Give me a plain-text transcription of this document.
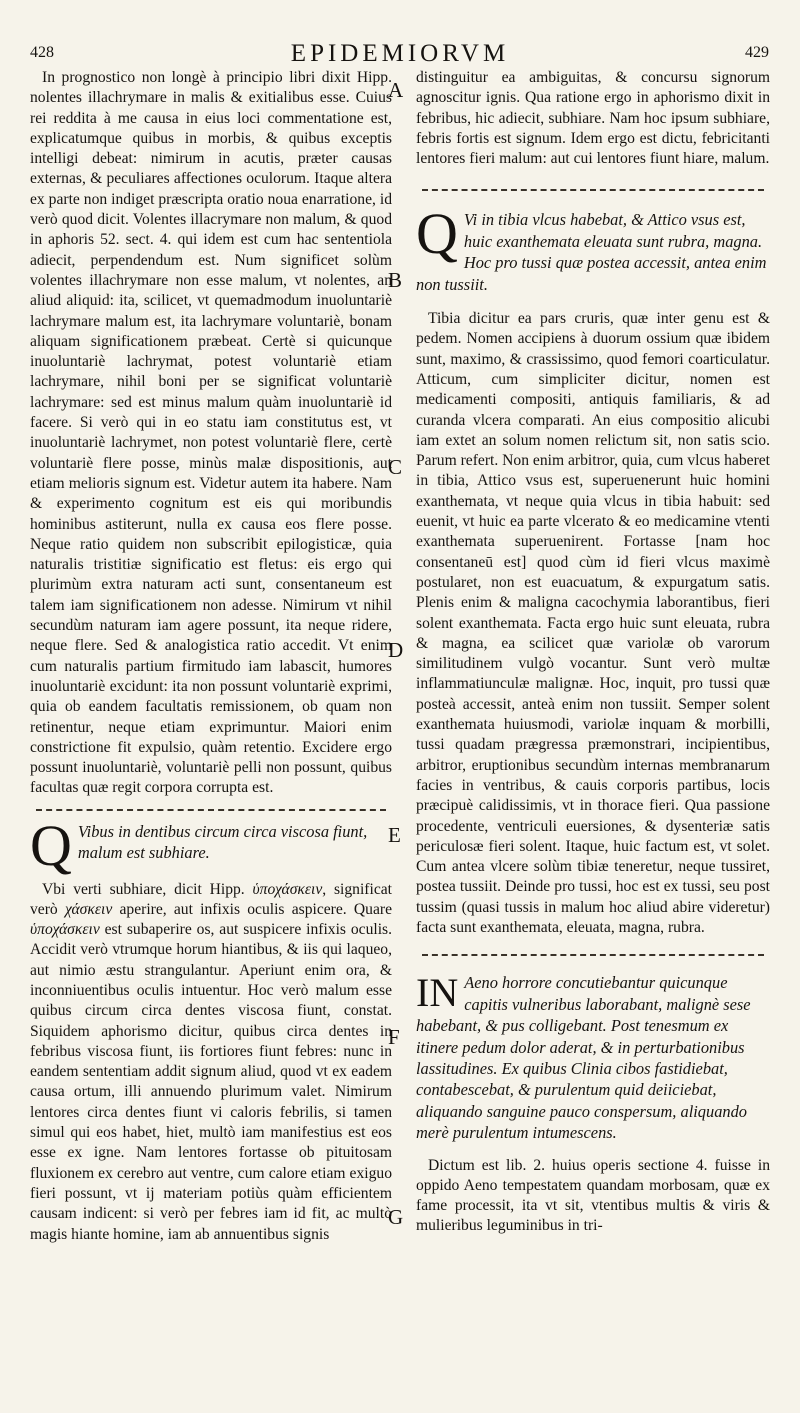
428	EPIDEMIORVM	429
A
B
C
D
E
F
G

In prognostico non longè à principio libri dixit Hipp. nolentes illachrymare in malis & exitialibus esse. Cuius rei reddita à me causa in eius loci commentatione est, explicatumque quibus in morbis, & quibus exceptis intelligi debeat: nimirum in acutis, præter causas externas, & peculiares affectiones oculorum. Itaque altera ex parte non indiget præscripta oratio noua enarratione, id verò quod dicit. Volentes illacrymare non malum, & quod in aphoris 52. sect. 4. qui idem est cum hac sententiola adiecit, perpendendum est. Num significet solùm volentes illachrymare non esse malum, vt nolentes, an aliud aliquid: ita, scilicet, vt quemadmodum inuoluntariè lachrymare malum est, ita lachrymare voluntariè, bonam aliquam significationem præbeat. Certè si quicunque inuoluntariè lachrymat, potest voluntariè etiam lachrymare, nihil boni per se significat voluntariè lachrymare: sed est minus malum quàm inuoluntariè id facere. Si verò qui in eo statu iam constitutus est, vt inuoluntariè lachrymet, non potest voluntariè flere, certè voluntariè flere posse, minùs malæ dispositionis, aut etiam melioris signum est. Videtur autem ita habere. Nam & experimento cognitum est eis qui moribundis hominibus astiterunt, nulla ex causa eos flere posse. Neque ratio quidem non subscribit epilogisticæ, quia naturalis tristitiæ significatio est fletus: eis ergo qui plurimùm extra naturam acti sunt, consentaneum est talem iam significationem non adesse. Nimirum vt nihil secundùm naturam iam agere possunt, ita neque ridere, neque flere. Sed & analogistica ratio accedit. Vt enim cum naturalis partium firmitudo iam labascit, humores inuoluntariè excidunt: ita non possunt voluntariè exprimi, quia ob eandem facultatis remissionem, ob quam non retinentur, neque etiam exprimuntur. Maiori enim constrictione fit expulsio, quàm retentio. Excidere ergo possunt inuoluntariè, voluntariè pelli non possunt, quibus facultas quæ regit corpora corrupta est.

Q Vibus in dentibus circum circa viscosa fiunt, malum est subhiare.

Vbi verti subhiare, dicit Hipp. ὑποχάσκειν, significat verò χάσκειν aperire, aut infixis oculis aspicere. Quare ὑποχάσκειν est subaperire os, aut suspicere infixis oculis. Accidit verò vtrumque horum hiantibus, & iis qui laqueo, aut nimio æstu strangulantur. Aperiunt enim ora, & inconniuentibus oculis intuentur. Hoc verò malum esse quibus circum circa dentes viscosa fiunt, constat. Siquidem aphorismo dicitur, quibus circa dentes in febribus viscosa fiunt, iis fortiores fiunt febres: nunc in eandem sententiam addit signum aliud, quod vt ex eadem causa ortum, illi annuendo plurimum valet. Nimirum lentores circa dentes fiunt vi caloris febrilis, si tamen simul qui eos habet, hiet, multò iam manifestius est eos esse ex igne. Nam lentores fortasse ob pituitosam fluxionem ex cerebro aut ventre, cum calore etiam exiguo fieri possunt, vt ij materiam potiùs quàm efficientem causam indicent: si verò per febres iam id fit, ac multò magis hiante homine, iam ab annuentibus signis

distinguitur ea ambiguitas, & concursu signorum agnoscitur ignis. Qua ratione ergo in aphorismo dixit in febribus, hic adiecit, subhiare. Nam hoc ipsum subhiare, febris fortis est signum. Idem ergo est dictu, febricitanti lentores fieri malum: aut cui lentores fiunt hiare, malum.

Q Vi in tibia vlcus habebat, & Attico vsus est, huic exanthemata eleuata sunt rubra, magna. Hoc pro tussi quæ postea accessit, antea enim non tussiit.

Tibia dicitur ea pars cruris, quæ inter genu est & pedem. Nomen accipiens à duorum ossium quæ ibidem sunt, maximo, & crassissimo, quod femori coarticulatur. Atticum, cum simpliciter dicitur, nomen est medicamenti compositi, antiquis familiaris, & ad curanda vlcera comparati. An eius compositio alicubi iam extet an solum nomen relictum sit, non satis scio. Parum refert. Non enim arbitror, quia, cum vlcus haberet in tibia, Attico vsus est, superuenerunt huic homini exanthemata, vt neque quia vlcus in tibia habuit: sed euenit, vt huic ea parte vlcerato & eo medicamine vtenti exanthemata superuenirent. Fortasse [nam hoc consentaneū est] quod cùm id fieri vlcus maximè postularet, non est euacuatum, & expurgatum satis. Plenis enim & maligna cacochymia laborantibus, fieri solent exanthemata. Facta ergo huic sunt eleuata, rubra & magna, ea scilicet quæ variolæ ob varorum similitudinem vulgò vocantur. Sunt verò multæ inflammatiunculæ malignæ. Hoc, inquit, pro tussi quæ posteà accessit, anteà enim non tussiit. Semper solent exanthemata huiusmodi, variolæ inquam & morbilli, tussi quadam prægressa præmonstrari, incipientibus, arbitror, eruptionibus secundùm internas membranarum facies in ventribus, & cauis corporis partibus, locis præcipuè calidissimis, vt in thorace fieri. Qua passione procedente, ventriculi euersiones, & dysenteriæ satis periculosæ fieri solent. Itaque, huic factum est, vt solet. Cum antea vlcere solùm tibiæ teneretur, neque tussiret, postea tussiit. Deinde pro tussi, hoc est ex tussi, seu post tussim (quasi tussis in malum hoc aliud abire videretur) facta sunt exanthemata, eleuata, magna, rubra.

IN Aeno horrore concutiebantur quicunque capitis vulneribus laborabant, malignè sese habebant, & pus colligebant. Post tenesmum ex itinere pedum dolor aderat, & in perturbationibus lassitudines. Ex quibus Clinia cibos fastidiebat, contabescebat, & purulentum quid deiiciebat, aliquando sanguine pauco conspersum, aliquando merè purulentum intumescens.

Dictum est lib. 2. huius operis sectione 4. fuisse in oppido Aeno tempestatem quandam morbosam, quæ ex fame processit, ita vt sit, vtentibus multis & viris & mulieribus leguminibus in tri-
